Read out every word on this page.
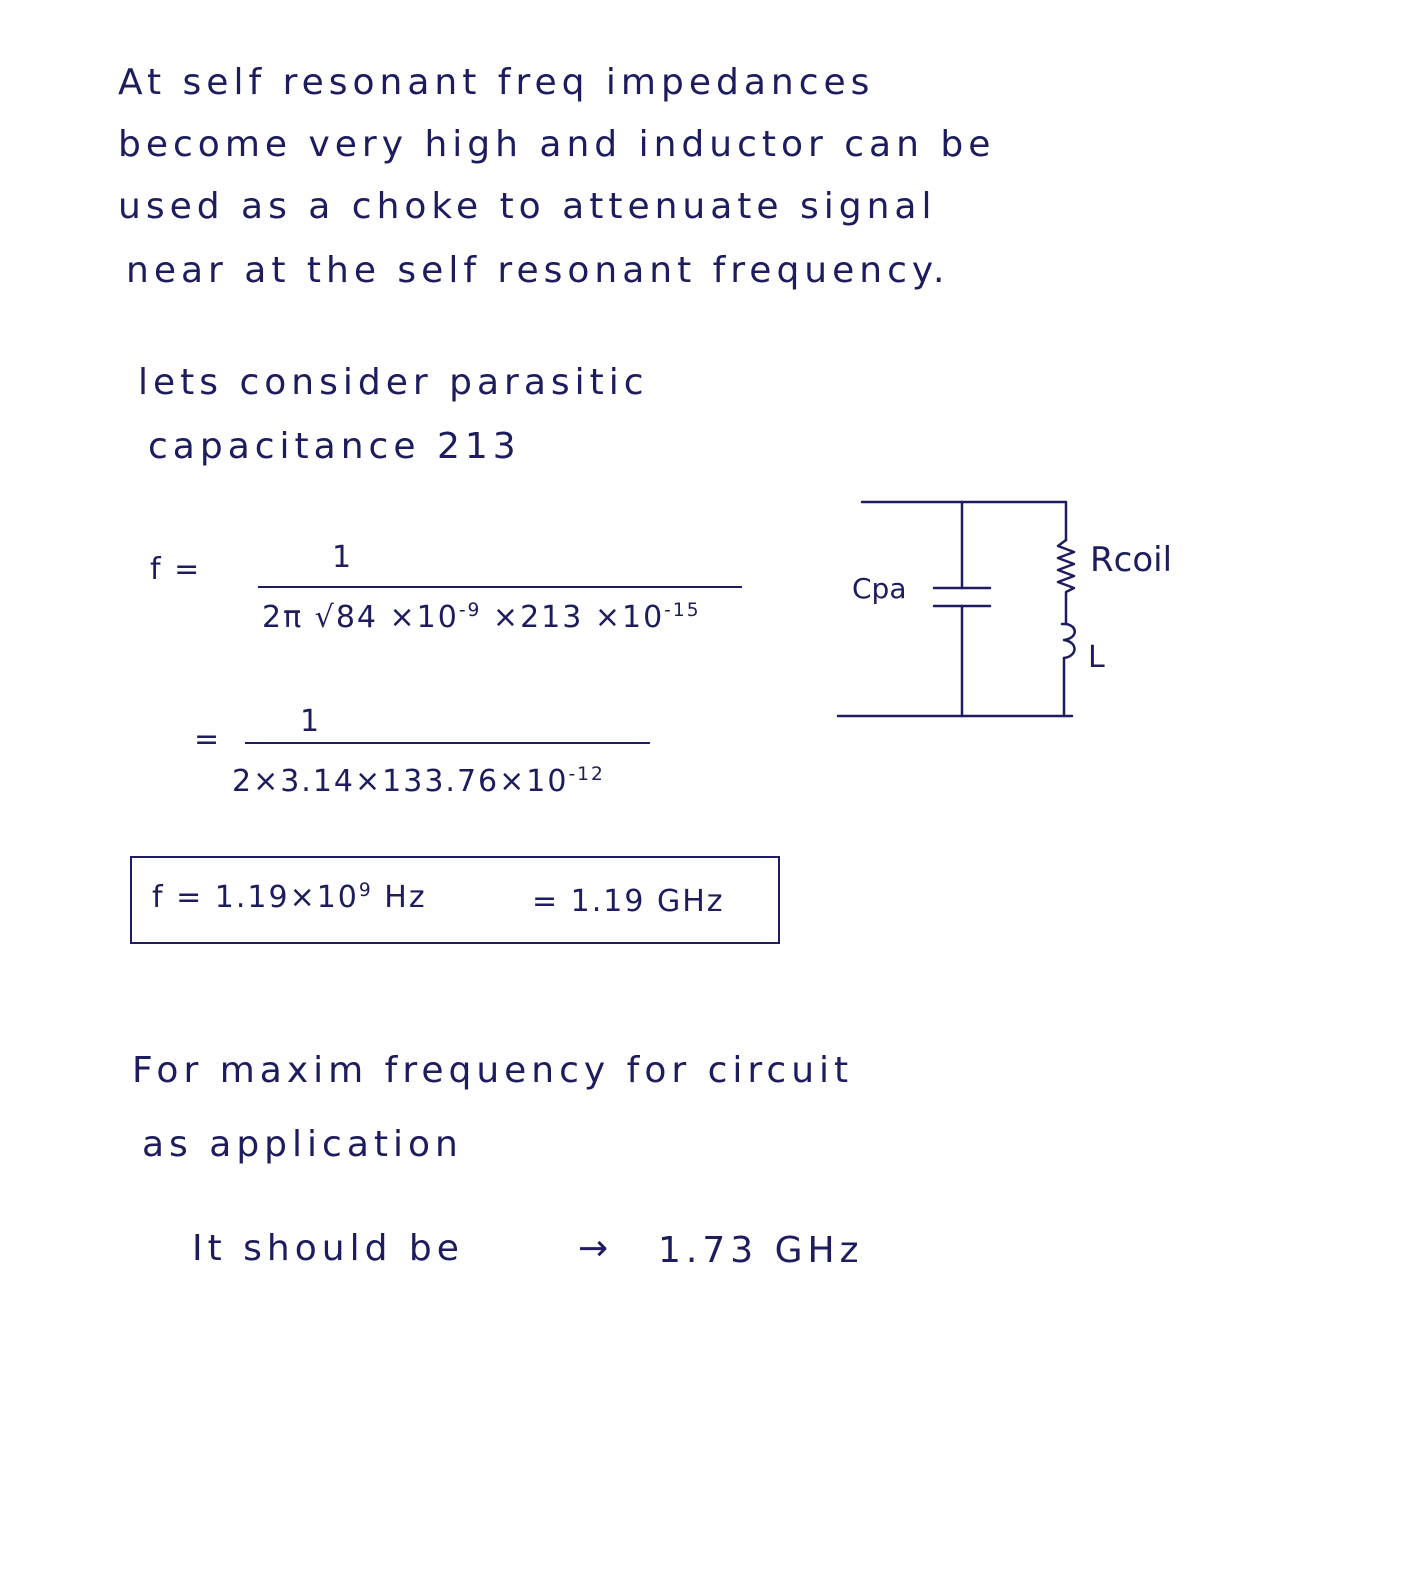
At self resonant freq impedances
become very high and inductor can be
used as a choke to attenuate signal
near at the self resonant frequency.
lets consider parasitic
capacitance 213
f =	1
2π $√84 \times 10^{-9} \times 213 \times 10^{-15}$
=
1
$2\times 3.14\times 133.76\times 10^{-12}$
$f = 1.19\times 10^9$ Hz	= 1.19 GHz
Cpa
Rcoil
L
For maxim frequency for circuit
as application
It should be	→ 1.73 GHz
